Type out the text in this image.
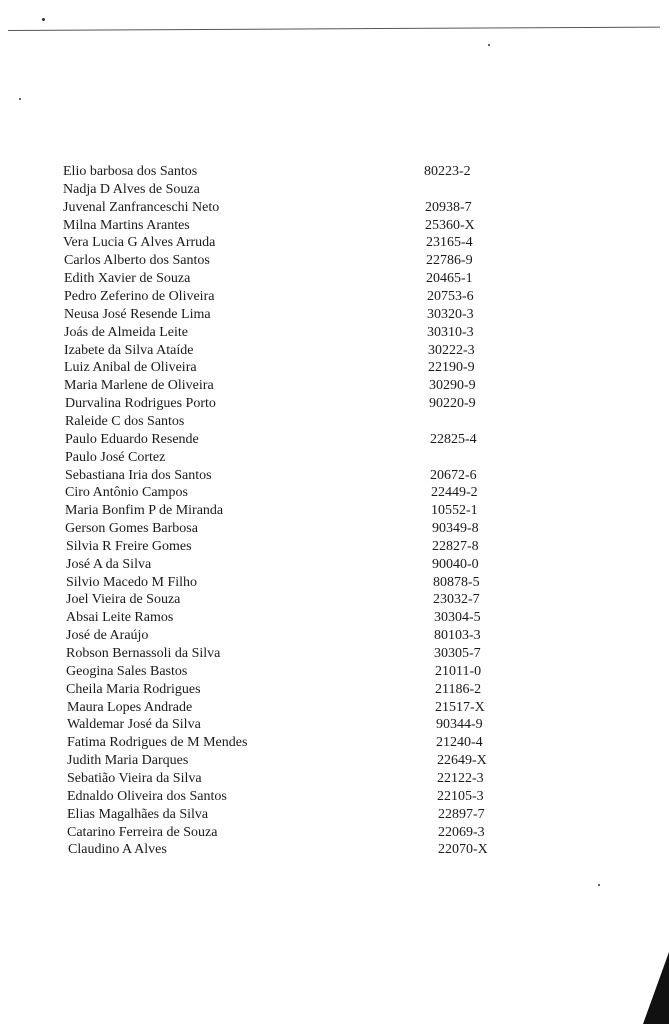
Elio barbosa dos Santos	80223-2
Nadja D Alves de Souza
Juvenal Zanfranceschi Neto	20938-7
Milna Martins Arantes	25360-X
Vera Lucia G Alves Arruda	23165-4
Carlos Alberto dos Santos	22786-9
Edith Xavier de Souza	20465-1
Pedro Zeferino de Oliveira	20753-6
Neusa José Resende Lima	30320-3
Joás de Almeida Leite	30310-3
Izabete da Silva Ataíde	30222-3
Luiz Anibal de Oliveira	22190-9
Maria Marlene de Oliveira	30290-9
Durvalina Rodrigues Porto	90220-9
Raleide C dos Santos
Paulo Eduardo Resende	22825-4
Paulo José Cortez
Sebastiana Iria dos Santos	20672-6
Ciro Antônio Campos	22449-2
Maria Bonfim P de Miranda	10552-1
Gerson Gomes Barbosa	90349-8
Silvia R Freire Gomes	22827-8
José A da Silva	90040-0
Silvio Macedo M Filho	80878-5
Joel Vieira de Souza	23032-7
Absai Leite Ramos	30304-5
José de Araújo	80103-3
Robson Bernassoli da Silva	30305-7
Geogina Sales Bastos	21011-0
Cheila Maria Rodrigues	21186-2
Maura Lopes Andrade	21517-X
Waldemar José da Silva	90344-9
Fatima Rodrigues de M Mendes	21240-4
Judith Maria Darques	22649-X
Sebatião Vieira da Silva	22122-3
Ednaldo Oliveira dos Santos	22105-3
Elias Magalhães da Silva	22897-7
Catarino Ferreira de Souza	22069-3
Claudino A Alves	22070-X
